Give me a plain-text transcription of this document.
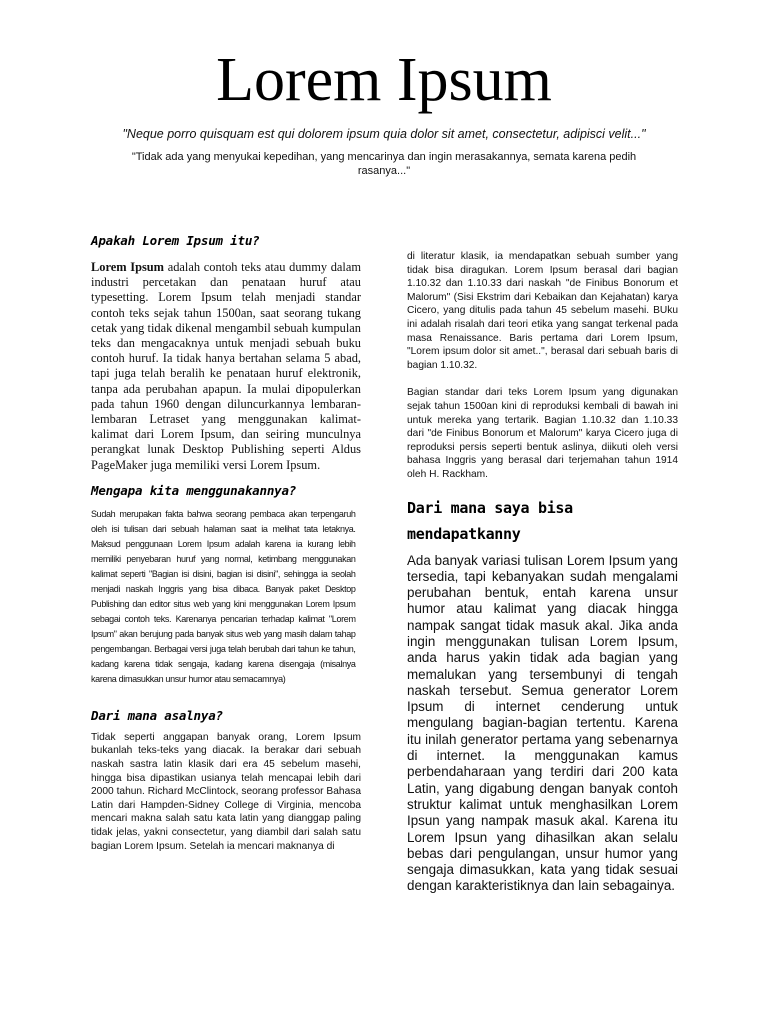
Lorem Ipsum

"Neque porro quisquam est qui dolorem ipsum quia dolor sit amet, consectetur, adipisci velit..."

"Tidak ada yang menyukai kepedihan, yang mencarinya dan ingin merasakannya, semata karena pedih rasanya..."

Apakah Lorem Ipsum itu?

Lorem Ipsum adalah contoh teks atau dummy dalam industri percetakan dan penataan huruf atau typesetting. Lorem Ipsum telah menjadi standar contoh teks sejak tahun 1500an, saat seorang tukang cetak yang tidak dikenal mengambil sebuah kumpulan teks dan mengacaknya untuk menjadi sebuah buku contoh huruf. Ia tidak hanya bertahan selama 5 abad, tapi juga telah beralih ke penataan huruf elektronik, tanpa ada perubahan apapun. Ia mulai dipopulerkan pada tahun 1960 dengan diluncurkannya lembaran-lembaran Letraset yang menggunakan kalimat-kalimat dari Lorem Ipsum, dan seiring munculnya perangkat lunak Desktop Publishing seperti Aldus PageMaker juga memiliki versi Lorem Ipsum.

Mengapa kita menggunakannya?

Sudah merupakan fakta bahwa seorang pembaca akan terpengaruh oleh isi tulisan dari sebuah halaman saat ia melihat tata letaknya. Maksud penggunaan Lorem Ipsum adalah karena ia kurang lebih memiliki penyebaran huruf yang normal, ketimbang menggunakan kalimat seperti "Bagian isi disini, bagian isi disini", sehingga ia seolah menjadi naskah Inggris yang bisa dibaca. Banyak paket Desktop Publishing dan editor situs web yang kini menggunakan Lorem Ipsum sebagai contoh teks. Karenanya pencarian terhadap kalimat "Lorem Ipsum" akan berujung pada banyak situs web yang masih dalam tahap pengembangan. Berbagai versi juga telah berubah dari tahun ke tahun, kadang karena tidak sengaja, kadang karena disengaja (misalnya karena dimasukkan unsur humor atau semacamnya)

Dari mana asalnya?

Tidak seperti anggapan banyak orang, Lorem Ipsum bukanlah teks-teks yang diacak. Ia berakar dari sebuah naskah sastra latin klasik dari era 45 sebelum masehi, hingga bisa dipastikan usianya telah mencapai lebih dari 2000 tahun. Richard McClintock, seorang professor Bahasa Latin dari Hampden-Sidney College di Virginia, mencoba mencari makna salah satu kata latin yang dianggap paling tidak jelas, yakni consectetur, yang diambil dari salah satu bagian Lorem Ipsum. Setelah ia mencari maknanya di

di literatur klasik, ia mendapatkan sebuah sumber yang tidak bisa diragukan. Lorem Ipsum berasal dari bagian 1.10.32 dan 1.10.33 dari naskah "de Finibus Bonorum et Malorum" (Sisi Ekstrim dari Kebaikan dan Kejahatan) karya Cicero, yang ditulis pada tahun 45 sebelum masehi. BUku ini adalah risalah dari teori etika yang sangat terkenal pada masa Renaissance. Baris pertama dari Lorem Ipsum, "Lorem ipsum dolor sit amet..", berasal dari sebuah baris di bagian 1.10.32.

Bagian standar dari teks Lorem Ipsum yang digunakan sejak tahun 1500an kini di reproduksi kembali di bawah ini untuk mereka yang tertarik. Bagian 1.10.32 dan 1.10.33 dari "de Finibus Bonorum et Malorum" karya Cicero juga di reproduksi persis seperti bentuk aslinya, diikuti oleh versi bahasa Inggris yang berasal dari terjemahan tahun 1914 oleh H. Rackham.

Dari mana saya bisa mendapatkanny

Ada banyak variasi tulisan Lorem Ipsum yang tersedia, tapi kebanyakan sudah mengalami perubahan bentuk, entah karena unsur humor atau kalimat yang diacak hingga nampak sangat tidak masuk akal. Jika anda ingin menggunakan tulisan Lorem Ipsum, anda harus yakin tidak ada bagian yang memalukan yang tersembunyi di tengah naskah tersebut. Semua generator Lorem Ipsum di internet cenderung untuk mengulang bagian-bagian tertentu. Karena itu inilah generator pertama yang sebenarnya di internet. Ia menggunakan kamus perbendaharaan yang terdiri dari 200 kata Latin, yang digabung dengan banyak contoh struktur kalimat untuk menghasilkan Lorem Ipsun yang nampak masuk akal. Karena itu Lorem Ipsun yang dihasilkan akan selalu bebas dari pengulangan, unsur humor yang sengaja dimasukkan, kata yang tidak sesuai dengan karakteristiknya dan lain sebagainya.
